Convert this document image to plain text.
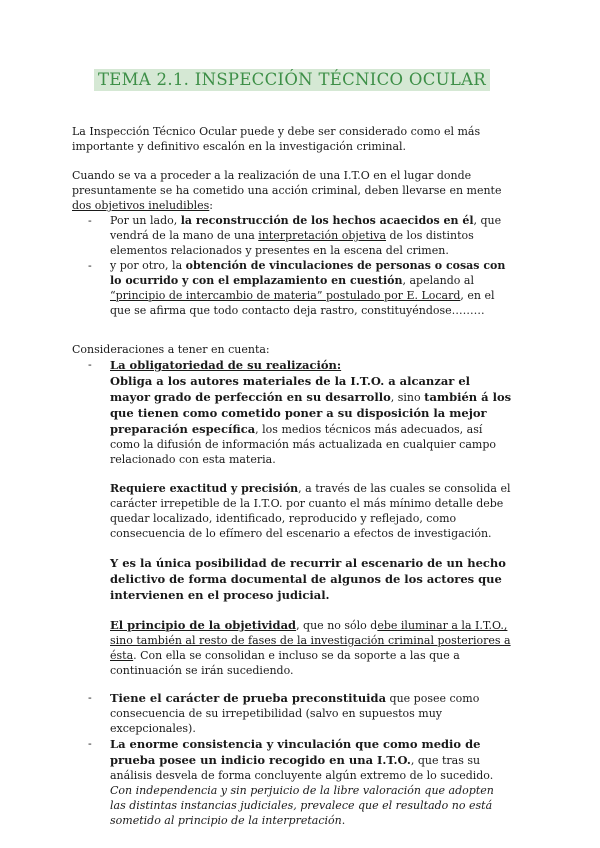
TEMA 2.1. INSPECCIÓN TÉCNICO OCULAR

La Inspección Técnico Ocular puede y debe ser considerado como el más importante y definitivo escalón en la investigación criminal.

Cuando se va a proceder a la realización de una I.T.O en el lugar donde presuntamente se ha cometido una acción criminal, deben llevarse en mente dos objetivos ineludibles:

- Por un lado, la reconstrucción de los hechos acaecidos en él, que vendrá de la mano de una interpretación objetiva de los distintos elementos relacionados y presentes en la escena del crimen.
- y por otro, la obtención de vinculaciones de personas o cosas con lo ocurrido y con el emplazamiento en cuestión, apelando al “principio de intercambio de materia” postulado por E. Locard, en el que se afirma que todo contacto deja rastro, constituyéndose………

Consideraciones a tener en cuenta:

- La obligatoriedad de su realización:
Obliga a los autores materiales de la I.T.O. a alcanzar el mayor grado de perfección en su desarrollo, sino también á los que tienen como cometido poner a su disposición la mejor preparación específica, los medios técnicos más adecuados, así como la difusión de información más actualizada en cualquier campo relacionado con esta materia.

Requiere exactitud y precisión, a través de las cuales se consolida el carácter irrepetible de la I.T.O. por cuanto el más mínimo detalle debe quedar localizado, identificado, reproducido y reflejado, como consecuencia de lo efímero del escenario a efectos de investigación.

Y es la única posibilidad de recurrir al escenario de un hecho delictivo de forma documental de algunos de los actores que intervienen en el proceso judicial.

El principio de la objetividad, que no sólo debe iluminar a la I.T.O., sino también al resto de fases de la investigación criminal posteriores a ésta. Con ella se consolidan e incluso se da soporte a las que a continuación se irán sucediendo.

- Tiene el carácter de prueba preconstituida que posee como consecuencia de su irrepetibilidad (salvo en supuestos muy excepcionales).
- La enorme consistencia y vinculación que como medio de prueba posee un indicio recogido en una I.T.O., que tras su análisis desvela de forma concluyente algún extremo de lo sucedido. Con independencia y sin perjuicio de la libre valoración que adopten las distintas instancias judiciales, prevalece que el resultado no está sometido al principio de la interpretación.
